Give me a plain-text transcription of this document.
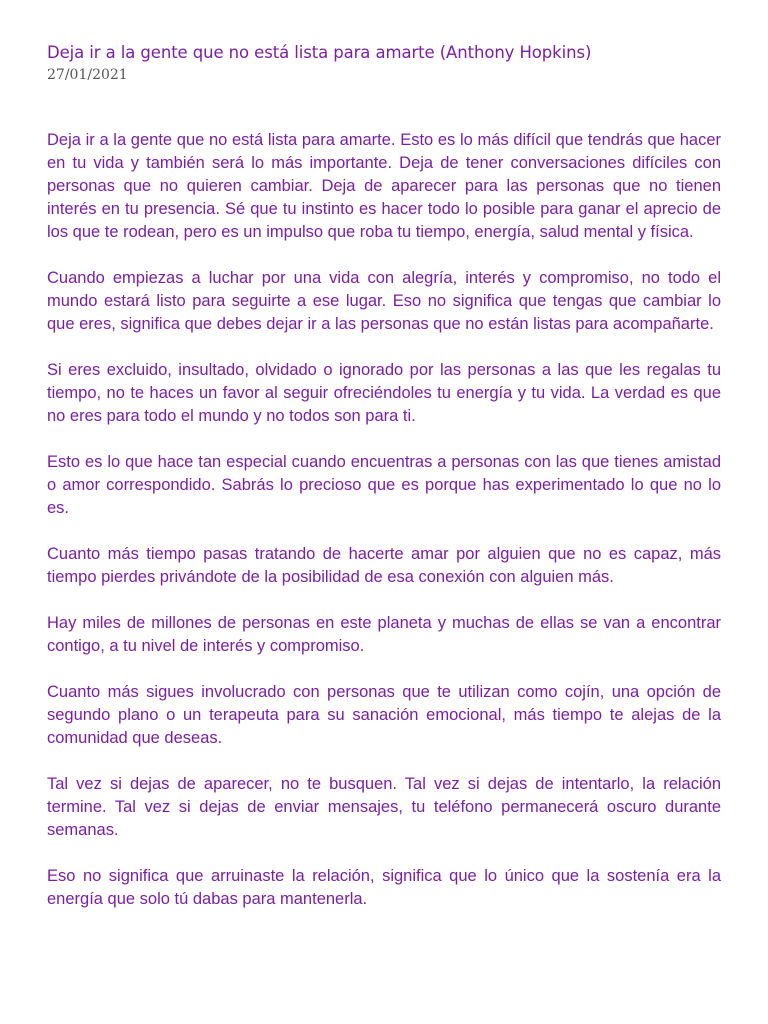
Deja ir a la gente que no está lista para amarte (Anthony Hopkins)
27/01/2021

Deja ir a la gente que no está lista para amarte. Esto es lo más difícil que tendrás que hacer en tu vida y también será lo más importante. Deja de tener conversaciones difíciles con personas que no quieren cambiar. Deja de aparecer para las personas que no tienen interés en tu presencia. Sé que tu instinto es hacer todo lo posible para ganar el aprecio de los que te rodean, pero es un impulso que roba tu tiempo, energía, salud mental y física.

Cuando empiezas a luchar por una vida con alegría, interés y compromiso, no todo el mundo estará listo para seguirte a ese lugar. Eso no significa que tengas que cambiar lo que eres, significa que debes dejar ir a las personas que no están listas para acompañarte.

Si eres excluido, insultado, olvidado o ignorado por las personas a las que les regalas tu tiempo, no te haces un favor al seguir ofreciéndoles tu energía y tu vida. La verdad es que no eres para todo el mundo y no todos son para ti.

Esto es lo que hace tan especial cuando encuentras a personas con las que tienes amistad o amor correspondido. Sabrás lo precioso que es porque has experimentado lo que no lo es.

Cuanto más tiempo pasas tratando de hacerte amar por alguien que no es capaz, más tiempo pierdes privándote de la posibilidad de esa conexión con alguien más.

Hay miles de millones de personas en este planeta y muchas de ellas se van a encontrar contigo, a tu nivel de interés y compromiso.

Cuanto más sigues involucrado con personas que te utilizan como cojín, una opción de segundo plano o un terapeuta para su sanación emocional, más tiempo te alejas de la comunidad que deseas.

Tal vez si dejas de aparecer, no te busquen. Tal vez si dejas de intentarlo, la relación termine. Tal vez si dejas de enviar mensajes, tu teléfono permanecerá oscuro durante semanas.

Eso no significa que arruinaste la relación, significa que lo único que la sostenía era la energía que solo tú dabas para mantenerla.
